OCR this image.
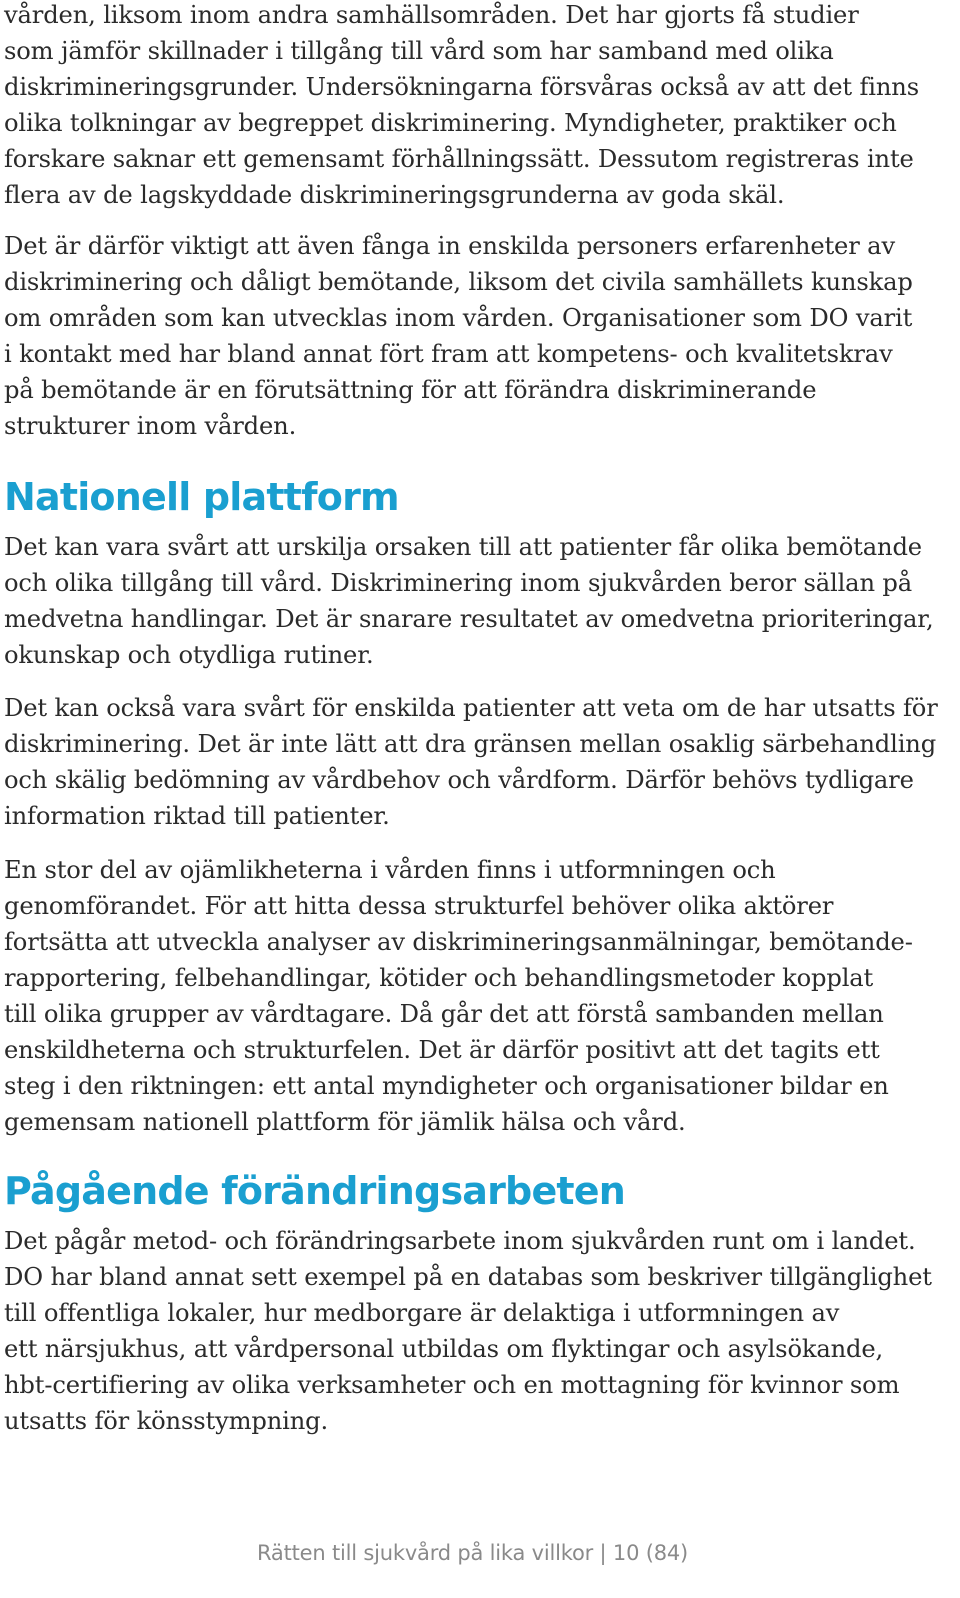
vården, liksom inom andra samhällsområden. Det har gjorts få studier
som jämför skillnader i tillgång till vård som har samband med olika
diskrimineringsgrunder. Undersökningarna försvåras också av att det finns
olika tolkningar av begreppet diskriminering. Myndigheter, praktiker och
forskare saknar ett gemensamt förhållningssätt. Dessutom registreras inte
flera av de lagskyddade diskrimineringsgrunderna av goda skäl.
Det är därför viktigt att även fånga in enskilda personers erfarenheter av
diskriminering och dåligt bemötande, liksom det civila samhällets kunskap
om områden som kan utvecklas inom vården. Organisationer som DO varit
i kontakt med har bland annat fört fram att kompetens- och kvalitetskrav
på bemötande är en förutsättning för att förändra diskriminerande
strukturer inom vården.
Nationell plattform
Det kan vara svårt att urskilja orsaken till att patienter får olika bemötande
och olika tillgång till vård. Diskriminering inom sjukvården beror sällan på
medvetna handlingar. Det är snarare resultatet av omedvetna prioriteringar,
okunskap och otydliga rutiner.
Det kan också vara svårt för enskilda patienter att veta om de har utsatts för
diskriminering. Det är inte lätt att dra gränsen mellan osaklig särbehandling
och skälig bedömning av vårdbehov och vårdform. Därför behövs tydligare
information riktad till patienter.
En stor del av ojämlikheterna i vården finns i utformningen och
genomförandet. För att hitta dessa strukturfel behöver olika aktörer
fortsätta att utveckla analyser av diskrimineringsanmälningar, bemötande-
rapportering, felbehandlingar, kötider och behandlingsmetoder kopplat
till olika grupper av vårdtagare. Då går det att förstå sambanden mellan
enskildheterna och strukturfelen. Det är därför positivt att det tagits ett
steg i den riktningen: ett antal myndigheter och organisationer bildar en
gemensam nationell plattform för jämlik hälsa och vård.
Pågående förändringsarbeten
Det pågår metod- och förändringsarbete inom sjukvården runt om i landet.
DO har bland annat sett exempel på en databas som beskriver tillgänglighet
till offentliga lokaler, hur medborgare är delaktiga i utformningen av
ett närsjukhus, att vårdpersonal utbildas om flyktingar och asylsökande,
hbt-certifiering av olika verksamheter och en mottagning för kvinnor som
utsatts för könsstympning.
Rätten till sjukvård på lika villkor | 10 (84)
